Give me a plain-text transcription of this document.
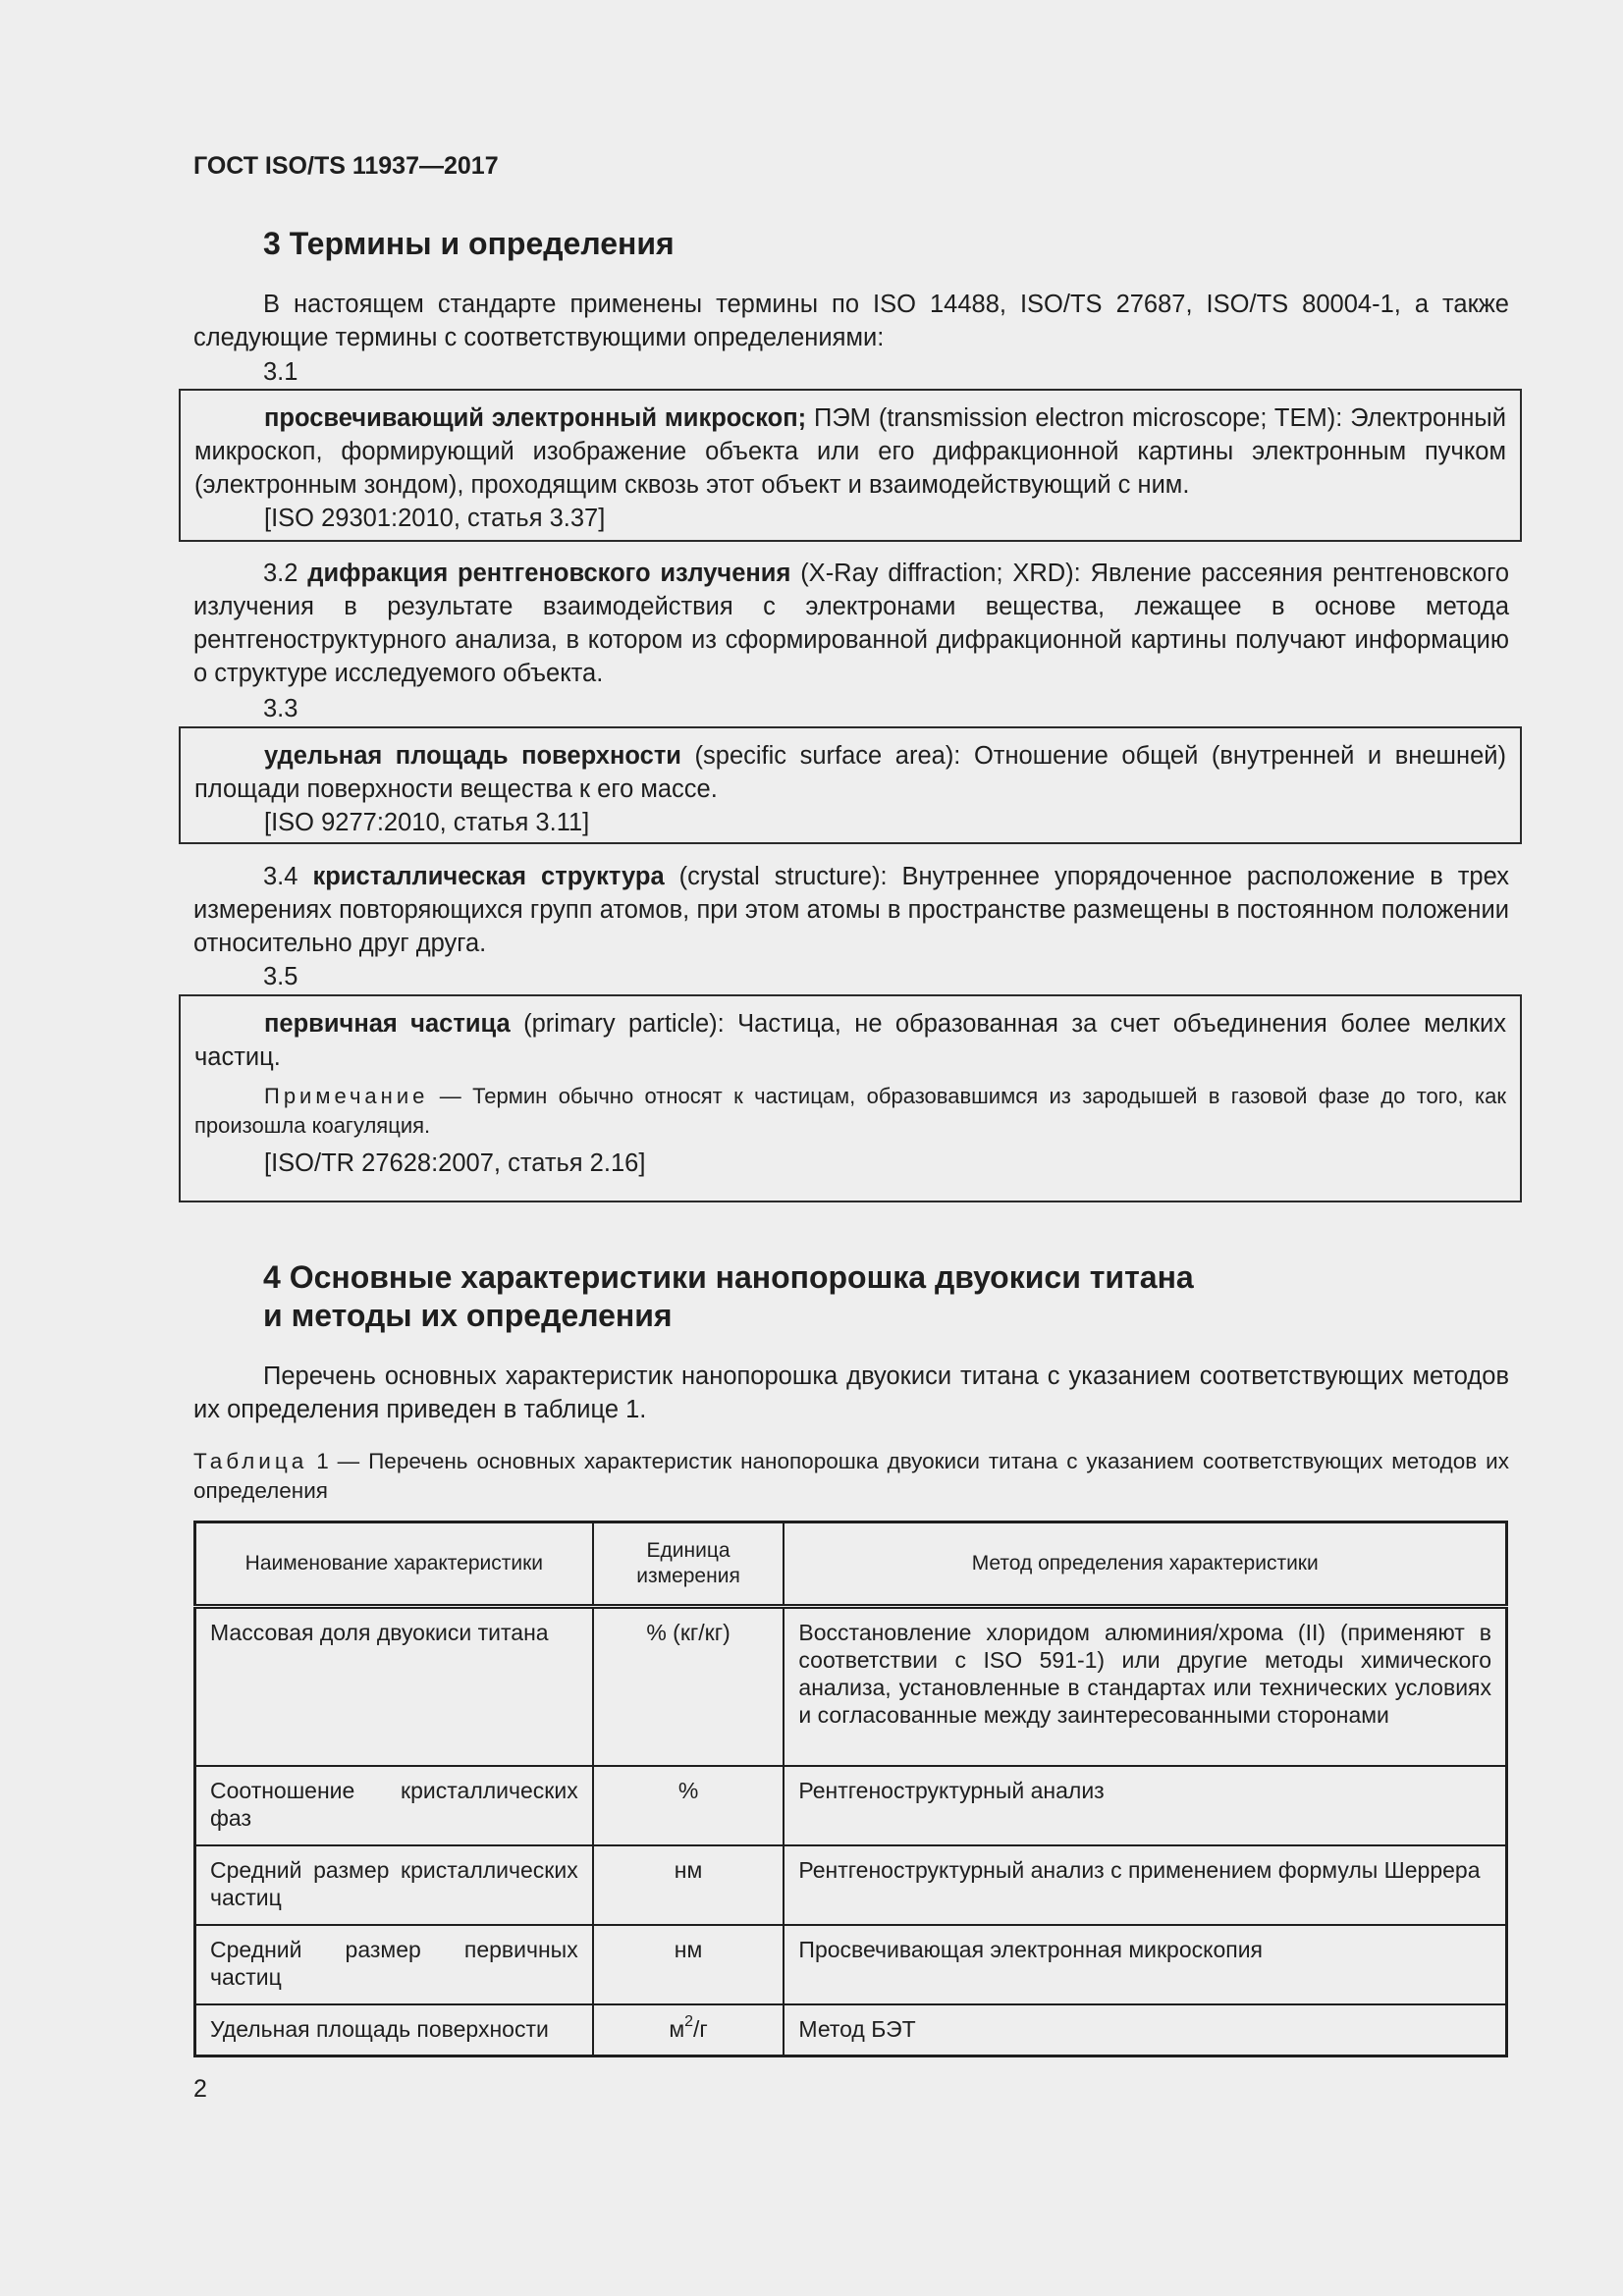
ГОСТ ISO/TS 11937—2017
3 Термины и определения
В настоящем стандарте применены термины по ISO 14488, ISO/TS 27687, ISO/TS 80004-1, а также следующие термины с соответствующими определениями:
3.1
просвечивающий электронный микроскоп; ПЭМ (transmission electron microscope; TEM): Электронный микроскоп, формирующий изображение объекта или его дифракционной картины электронным пучком (электронным зондом), проходящим сквозь этот объект и взаимодействующий с ним.
[ISO 29301:2010, статья 3.37]
3.2 дифракция рентгеновского излучения (X-Ray diffraction; XRD): Явление рассеяния рентгеновского излучения в результате взаимодействия с электронами вещества, лежащее в основе метода рентгеноструктурного анализа, в котором из сформированной дифракционной картины получают информацию о структуре исследуемого объекта.
3.3
удельная площадь поверхности (specific surface area): Отношение общей (внутренней и внешней) площади поверхности вещества к его массе.
[ISO 9277:2010, статья 3.11]
3.4 кристаллическая структура (crystal structure): Внутреннее упорядоченное расположение в трех измерениях повторяющихся групп атомов, при этом атомы в пространстве размещены в постоянном положении относительно друг друга.
3.5
первичная частица (primary particle): Частица, не образованная за счет объединения более мелких частиц.
Примечание — Термин обычно относят к частицам, образовавшимся из зародышей в газовой фазе до того, как произошла коагуляция.
[ISO/TR 27628:2007, статья 2.16]
4 Основные характеристики нанопорошка двуокиси титана
и методы их определения
Перечень основных характеристик нанопорошка двуокиси титана с указанием соответствующих методов их определения приведен в таблице 1.
Таблица 1 — Перечень основных характеристик нанопорошка двуокиси титана с указанием соответствующих методов их определения
Наименование характеристики	Единица измерения	Метод определения характеристики
Массовая доля двуокиси титана	% (кг/кг)	Восстановление хлоридом алюминия/хрома (II) (применяют в соответствии с ISO 591-1) или другие методы химического анализа, установленные в стандартах или технических условиях и согласованные между заинтересованными сторонами
Соотношение кристаллических фаз	%	Рентгеноструктурный анализ
Средний размер кристаллических частиц	нм	Рентгеноструктурный анализ с применением формулы Шеррера
Средний размер первичных частиц	нм	Просвечивающая электронная микроскопия
Удельная площадь поверхности	$м^2/г$	Метод БЭТ
2
